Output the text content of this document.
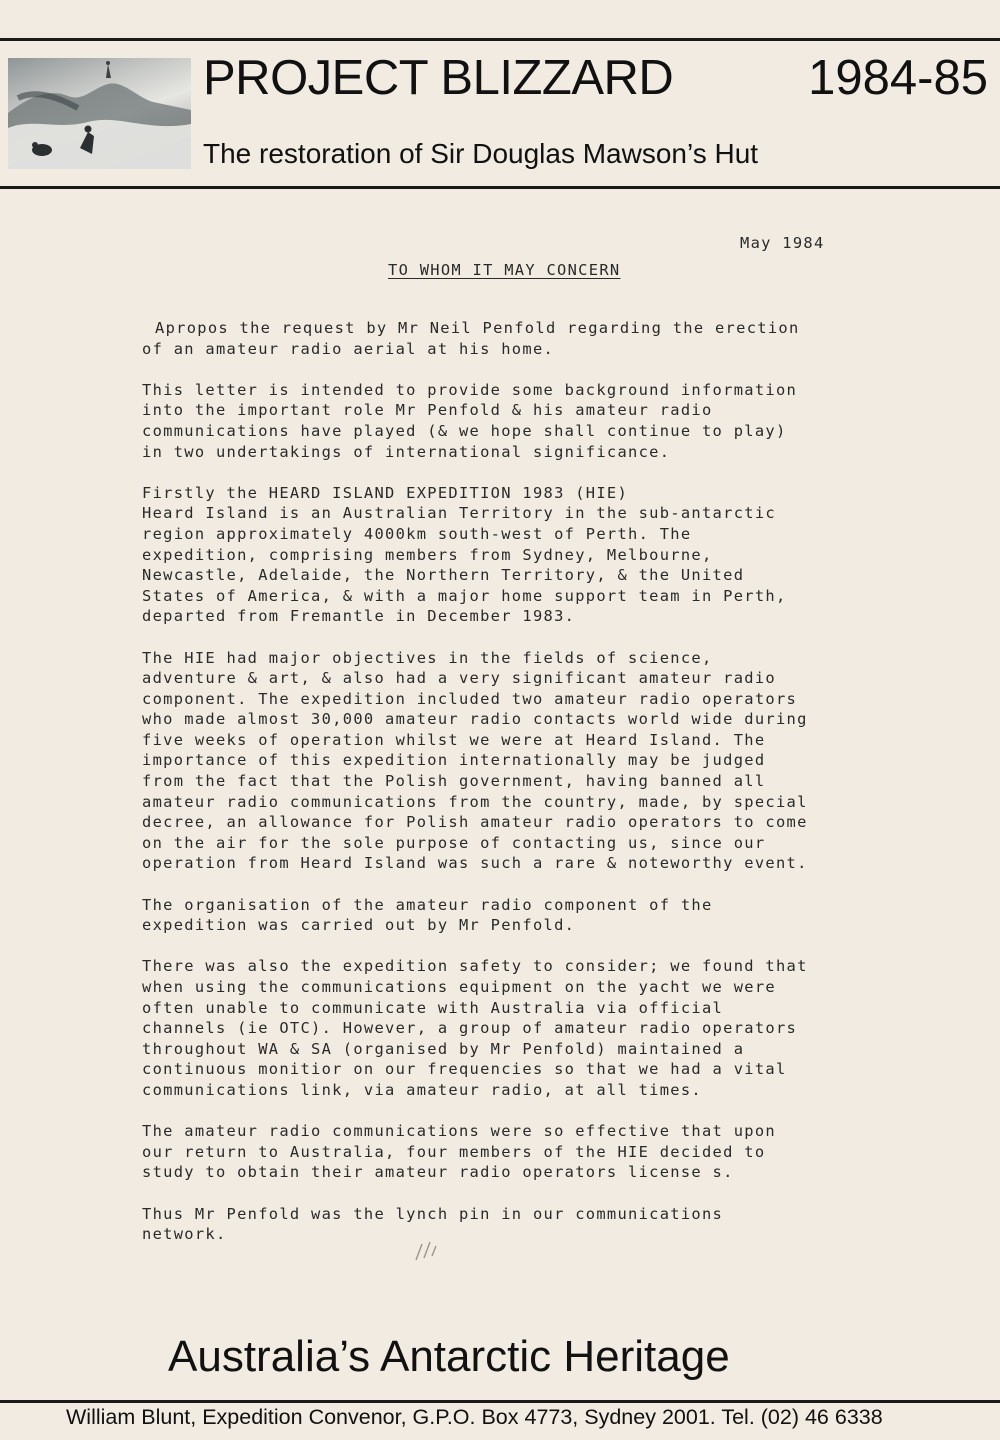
PROJECT BLIZZARD	1984-85
The restoration of Sir Douglas Mawson’s Hut
May 1984
TO WHOM IT MAY CONCERN
Apropos the request by Mr Neil Penfold regarding the erection
of an amateur radio aerial at his home.
This letter is intended to provide some background information
into the important role Mr Penfold & his amateur radio
communications have played (& we hope shall continue to play)
in two undertakings of international significance.
Firstly the HEARD ISLAND EXPEDITION 1983 (HIE)
Heard Island is an Australian Territory in the sub-antarctic
region approximately 4000km south-west of Perth. The
expedition, comprising members from Sydney, Melbourne,
Newcastle, Adelaide, the Northern Territory, & the United
States of America, & with a major home support team in Perth,
departed from Fremantle in December 1983.
The HIE had major objectives in the fields of science,
adventure & art, & also had a very significant amateur radio
component. The expedition included two amateur radio operators
who made almost 30,000 amateur radio contacts world wide during
five weeks of operation whilst we were at Heard Island. The
importance of this expedition internationally may be judged
from the fact that the Polish government, having banned all
amateur radio communications from the country, made, by special
decree, an allowance for Polish amateur radio operators to come
on the air for the sole purpose of contacting us, since our
operation from Heard Island was such a rare & noteworthy event.
The organisation of the amateur radio component of the
expedition was carried out by Mr Penfold.
There was also the expedition safety to consider; we found that
when using the communications equipment on the yacht we were
often unable to communicate with Australia via official
channels (ie OTC). However, a group of amateur radio operators
throughout WA & SA (organised by Mr Penfold) maintained a
continuous monitior on our frequencies so that we had a vital
communications link, via amateur radio, at all times.
The amateur radio communications were so effective that upon
our return to Australia, four members of the HIE decided to
study to obtain their amateur radio operators license s.
Thus Mr Penfold was the lynch pin in our communications
network.
Australia’s Antarctic Heritage
William Blunt, Expedition Convenor, G.P.O. Box 4773, Sydney 2001. Tel. (02) 46 6338
